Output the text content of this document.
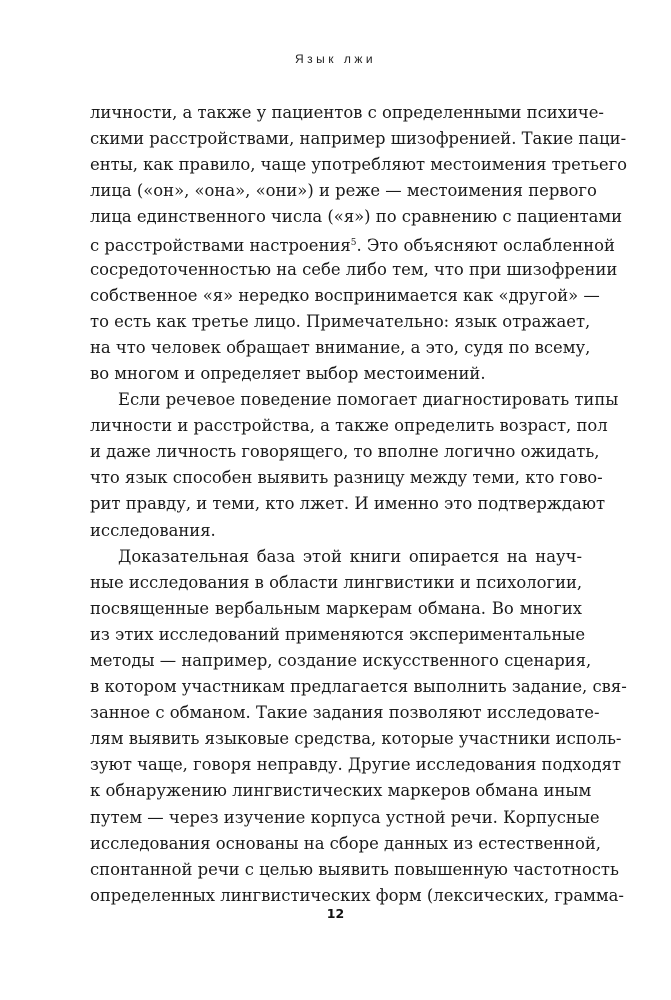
Язык лжи
личности, а также у пациентов с определенными психиче-
скими расстройствами, например шизофренией. Такие паци-
енты, как правило, чаще употребляют местоимения третьего
лица («он», «она», «они») и реже — местоимения первого
лица единственного числа («я») по сравнению с пациентами
с расстройствами настроения$^5$. Это объясняют ослабленной
сосредоточенностью на себе либо тем, что при шизофрении
собственное «я» нередко воспринимается как «другой» —
то есть как третье лицо. Примечательно: язык отражает,
на что человек обращает внимание, а это, судя по всему,
во многом и определяет выбор местоимений.
Если речевое поведение помогает диагностировать типы
личности и расстройства, а также определить возраст, пол
и даже личность говорящего, то вполне логично ожидать,
что язык способен выявить разницу между теми, кто гово-
рит правду, и теми, кто лжет. И именно это подтверждают
исследования.
Доказательная база этой книги опирается на науч-
ные исследования в области лингвистики и психологии,
посвященные вербальным маркерам обмана. Во многих
из этих исследований применяются экспериментальные
методы — например, создание искусственного сценария,
в котором участникам предлагается выполнить задание, свя-
занное с обманом. Такие задания позволяют исследовате-
лям выявить языковые средства, которые участники исполь-
зуют чаще, говоря неправду. Другие исследования подходят
к обнаружению лингвистических маркеров обмана иным
путем — через изучение корпуса устной речи. Корпусные
исследования основаны на сборе данных из естественной,
спонтанной речи с целью выявить повышенную частотность
определенных лингвистических форм (лексических, грамма-
12
